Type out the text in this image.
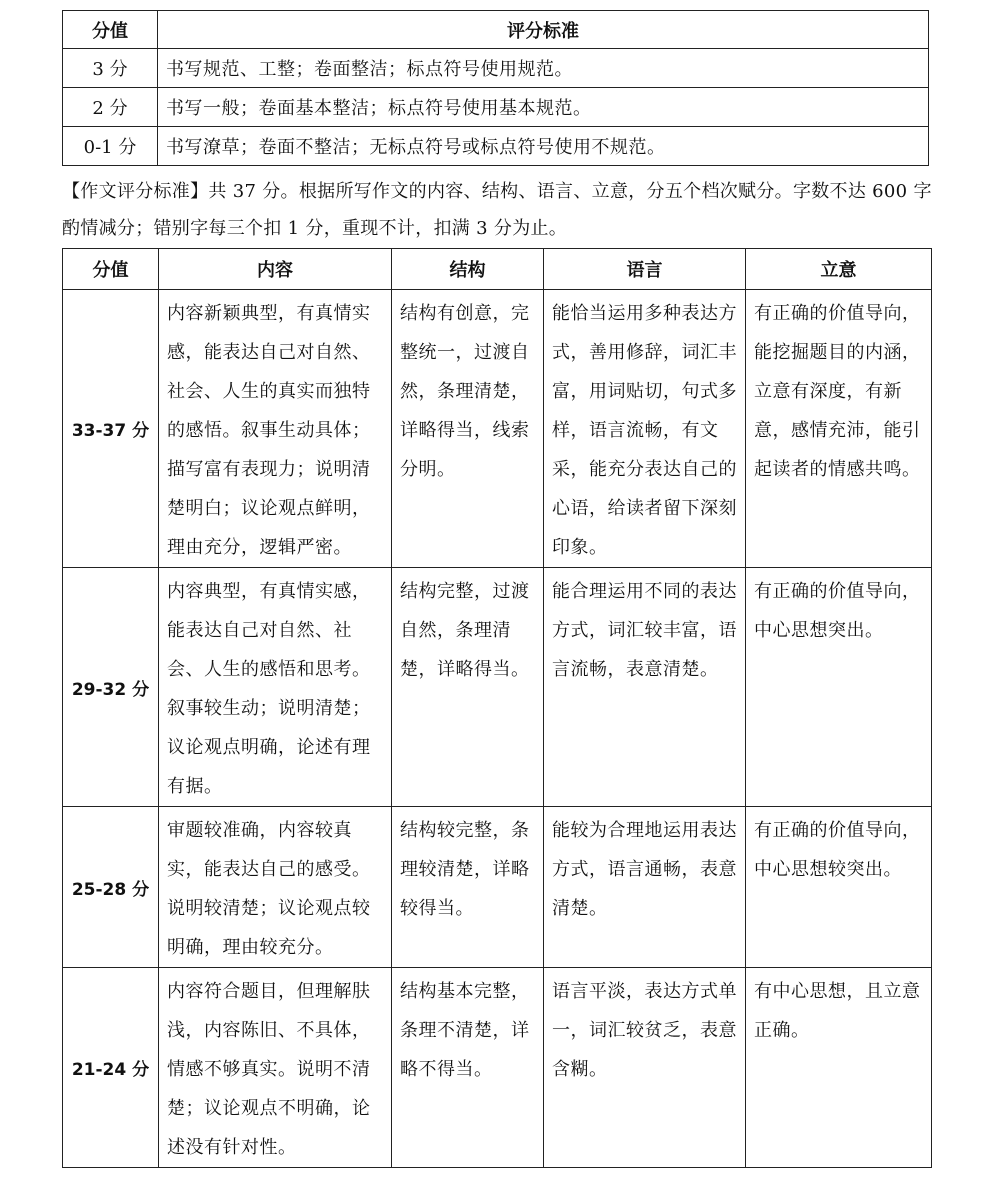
分值	评分标准
3 分	书写规范、工整；卷面整洁；标点符号使用规范。
2 分	书写一般；卷面基本整洁；标点符号使用基本规范。
0-1 分	书写潦草；卷面不整洁；无标点符号或标点符号使用不规范。

【作文评分标准】共 37 分。根据所写作文的内容、结构、语言、立意，分五个档次赋分。字数不达 600 字酌情减分；错别字每三个扣 1 分，重现不计，扣满 3 分为止。

分值	内容	结构	语言	立意
33-37 分	内容新颖典型，有真情实感，能表达自己对自然、社会、人生的真实而独特的感悟。叙事生动具体；描写富有表现力；说明清楚明白；议论观点鲜明，理由充分，逻辑严密。	结构有创意，完整统一，过渡自然，条理清楚，详略得当，线索分明。	能恰当运用多种表达方式，善用修辞，词汇丰富，用词贴切，句式多样，语言流畅，有文采，能充分表达自己的心语，给读者留下深刻印象。	有正确的价值导向，能挖掘题目的内涵，立意有深度，有新意，感情充沛，能引起读者的情感共鸣。
29-32 分	内容典型，有真情实感，能表达自己对自然、社会、人生的感悟和思考。叙事较生动；说明清楚；议论观点明确，论述有理有据。	结构完整，过渡自然，条理清楚，详略得当。	能合理运用不同的表达方式，词汇较丰富，语言流畅，表意清楚。	有正确的价值导向，中心思想突出。
25-28 分	审题较准确，内容较真实，能表达自己的感受。说明较清楚；议论观点较明确，理由较充分。	结构较完整，条理较清楚，详略较得当。	能较为合理地运用表达方式，语言通畅，表意清楚。	有正确的价值导向，中心思想较突出。
21-24 分	内容符合题目，但理解肤浅，内容陈旧、不具体，情感不够真实。说明不清楚；议论观点不明确，论述没有针对性。	结构基本完整，条理不清楚，详略不得当。	语言平淡，表达方式单一，词汇较贫乏，表意含糊。	有中心思想，且立意正确。
